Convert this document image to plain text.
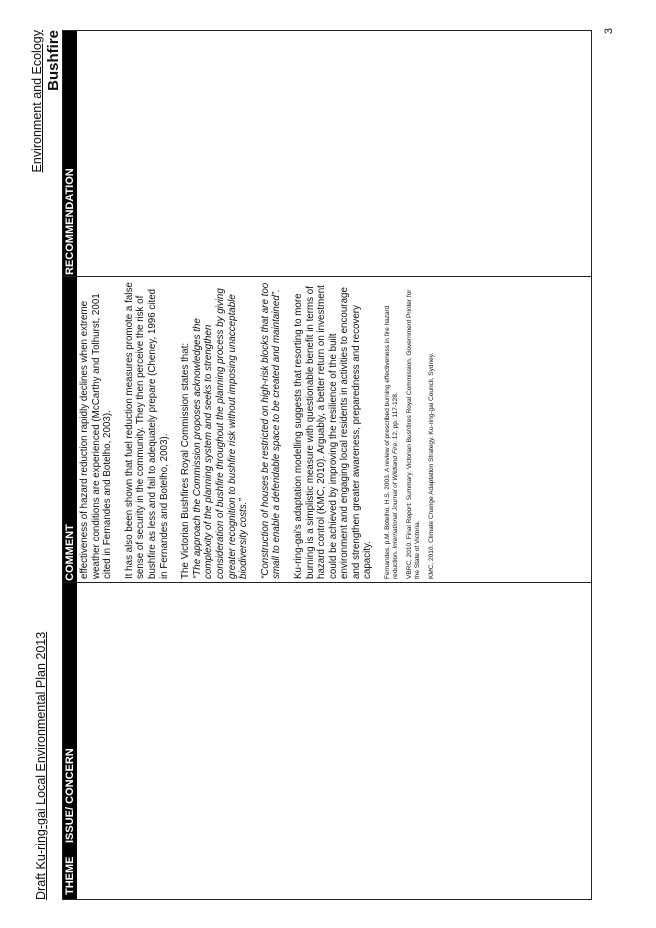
Draft Ku-ring-gai Local Environmental Plan 2013
Environment and Ecology Bushfire
THEME
ISSUE/ CONCERN
COMMENT
RECOMMENDATION

effectiveness of hazard reduction rapidly declines when extreme weather conditions are experienced (McCarthy and Tolhurst, 2001 cited in Fernandes and Botelho, 2003). It has also been shown that fuel reduction measures promote a false sense of security in the community. They then perceive the risk of bushfire as less and fail to adequately prepare (Cheney, 1996 cited in Fernandes and Botelho, 2003). The Victorian Bushfires Royal Commission states that:
“The approach the Commission proposes acknowledges the complexity of the planning system and seeks to strengthen consideration of bushfire throughout the planning process by giving greater recognition to bushfire risk without imposing unacceptable biodiversity costs.” “Construction of houses be restricted on high-risk blocks that are too small to enable a defendable space to be created and maintained”. Ku-ring-gai's adaptation modelling suggests that resorting to more burning is a simplistic measure with questionable benefit in terms of hazard control (KMC, 2010). Arguably, a better return on investment could be achieved by improving the resilience of the built environment and engaging local residents in activities to encourage and strengthen greater awareness, preparedness and recovery capacity. Fernandes, p.M. Botelho, H.S. 2003. A review of prescribed burning effectiveness in fire hazard reduction. International Journal of Wildland Fire. 12, pp. 117-128. VBRC, 2010. Final Report: Summary. Victorian Bushfires Royal Commission. Government Printer for the State of Victoria. KMC, 2010. Climate Change Adaptation Strategy. Ku-ring-gai Council, Sydney.

3
